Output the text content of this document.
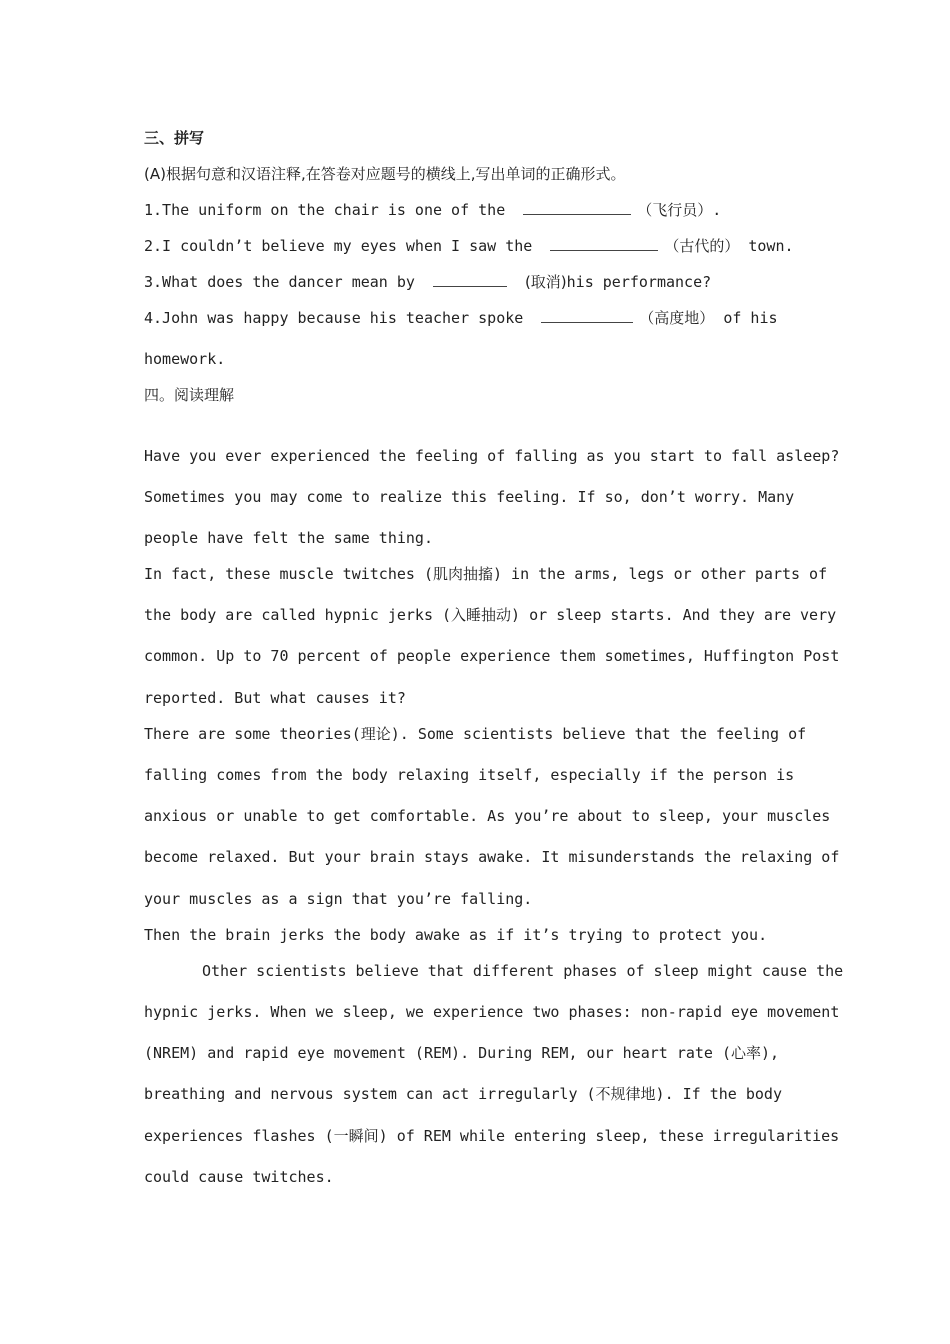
三、拼写
(A)根据句意和汉语注释,在答卷对应题号的横线上,写出单词的正确形式。
1.The uniform on the chair is one of the	（飞行员）.
2.I couldn’t believe my eyes when I saw the	（古代的） town.
3.What does the dancer mean by	(取消)his performance?
4.John was happy because his teacher spoke	（高度地） of his
homework.
四。阅读理解
Have you ever experienced the feeling of falling as you start to fall asleep?
Sometimes you may come to realize this feeling. If so, don’t worry. Many
people have felt the same thing.
In fact, these muscle twitches (肌肉抽搐) in the arms, legs or other parts of
the body are called hypnic jerks (入睡抽动) or sleep starts. And they are very
common. Up to 70 percent of people experience them sometimes, Huffington Post
reported. But what causes it?
There are some theories(理论). Some scientists believe that the feeling of
falling comes from the body relaxing itself, especially if the person is
anxious or unable to get comfortable. As you’re about to sleep, your muscles
become relaxed. But your brain stays awake. It misunderstands the relaxing of
your muscles as a sign that you’re falling.
Then the brain jerks the body awake as if it’s trying to protect you.
Other scientists believe that different phases of sleep might cause the
hypnic jerks. When we sleep, we experience two phases: non-rapid eye movement
(NREM) and rapid eye movement (REM). During REM, our heart rate (心率),
breathing and nervous system can act irregularly (不规律地). If the body
experiences flashes (一瞬间) of REM while entering sleep, these irregularities
could cause twitches.
